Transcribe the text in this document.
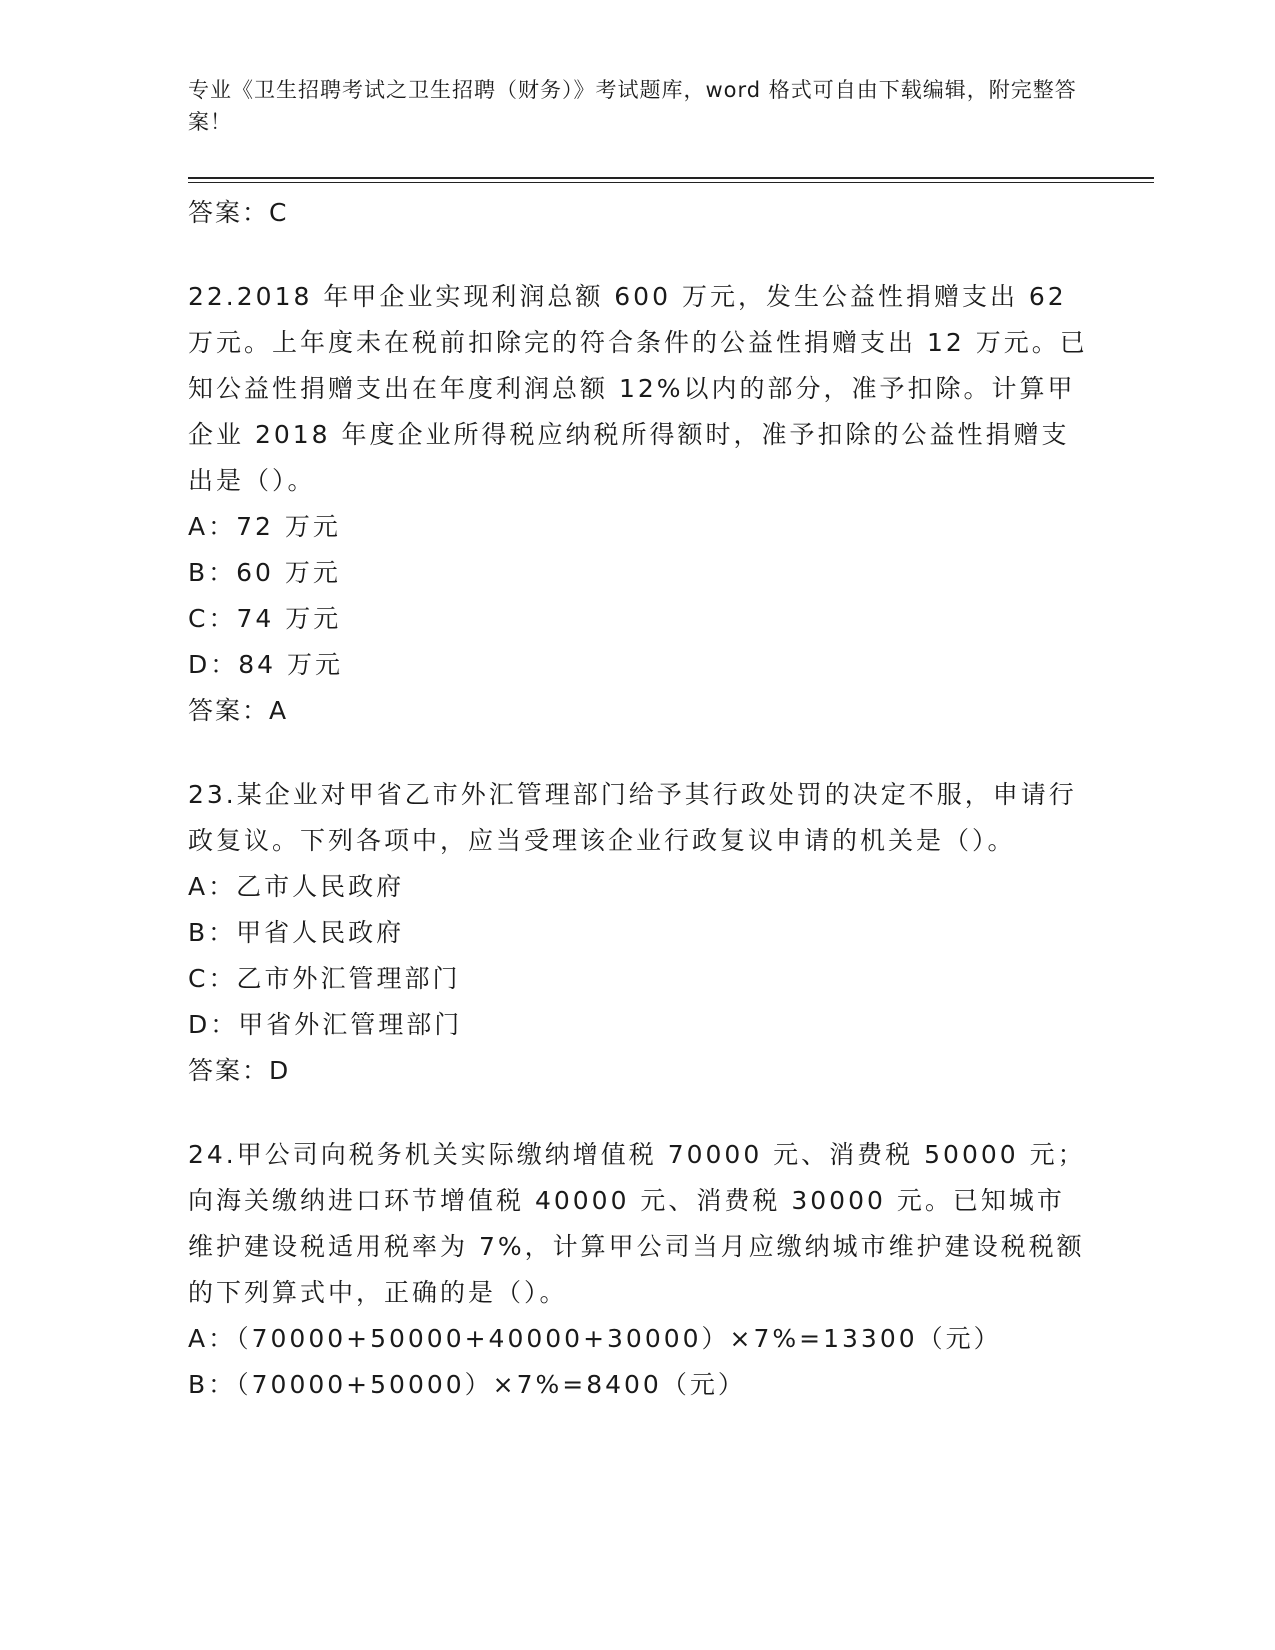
专业《卫生招聘考试之卫生招聘（财务）》考试题库，word 格式可自由下载编辑，附完整答案！
答案：C
22.2018 年甲企业实现利润总额 600 万元，发生公益性捐赠支出 62 万元。上年度未在税前扣除完的符合条件的公益性捐赠支出 12 万元。已知公益性捐赠支出在年度利润总额 12%以内的部分，准予扣除。计算甲企业 2018 年度企业所得税应纳税所得额时，准予扣除的公益性捐赠支出是（）。
A：72 万元
B：60 万元
C：74 万元
D：84 万元
答案：A
23.某企业对甲省乙市外汇管理部门给予其行政处罚的决定不服，申请行政复议。下列各项中，应当受理该企业行政复议申请的机关是（）。
A：乙市人民政府
B：甲省人民政府
C：乙市外汇管理部门
D：甲省外汇管理部门
答案：D
24.甲公司向税务机关实际缴纳增值税 70000 元、消费税 50000 元；向海关缴纳进口环节增值税 40000 元、消费税 30000 元。已知城市维护建设税适用税率为 7%，计算甲公司当月应缴纳城市维护建设税税额的下列算式中，正确的是（）。
A：（70000+50000+40000+30000）×7%=13300（元）
B：（70000+50000）×7%=8400（元）
